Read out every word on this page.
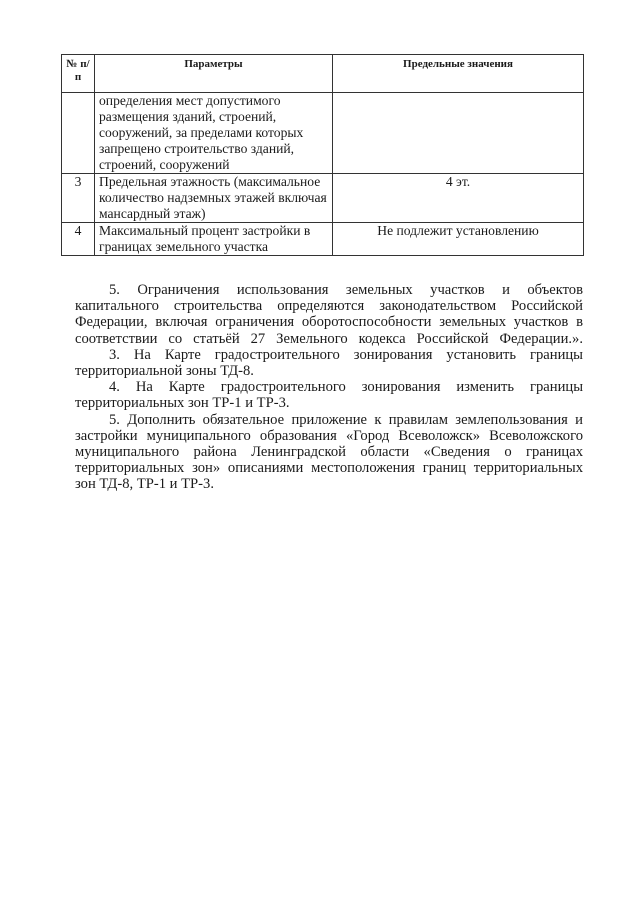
№ п/п	Параметры	Предельные значения
	определения мест допустимого размещения зданий, строений, сооружений, за пределами которых запрещено строительство зданий, строений, сооружений	
3	Предельная этажность (максимальное количество надземных этажей включая мансардный этаж)	4 эт.
4	Максимальный процент застройки в границах земельного участка	Не подлежит установлению

5. Ограничения использования земельных участков и объектов капитального строительства определяются законодательством Российской Федерации, включая ограничения оборотоспособности земельных участков в соответствии со статьёй 27 Земельного кодекса Российской Федерации.».

3. На Карте градостроительного зонирования установить границы территориальной зоны ТД-8.

4. На Карте градостроительного зонирования изменить границы территориальных зон ТР-1 и ТР-3.

5. Дополнить обязательное приложение к правилам землепользования и застройки муниципального образования «Город Всеволожск» Всеволожского муниципального района Ленинградской области «Сведения о границах территориальных зон» описаниями местоположения границ территориальных зон ТД-8, ТР-1 и ТР-3.
